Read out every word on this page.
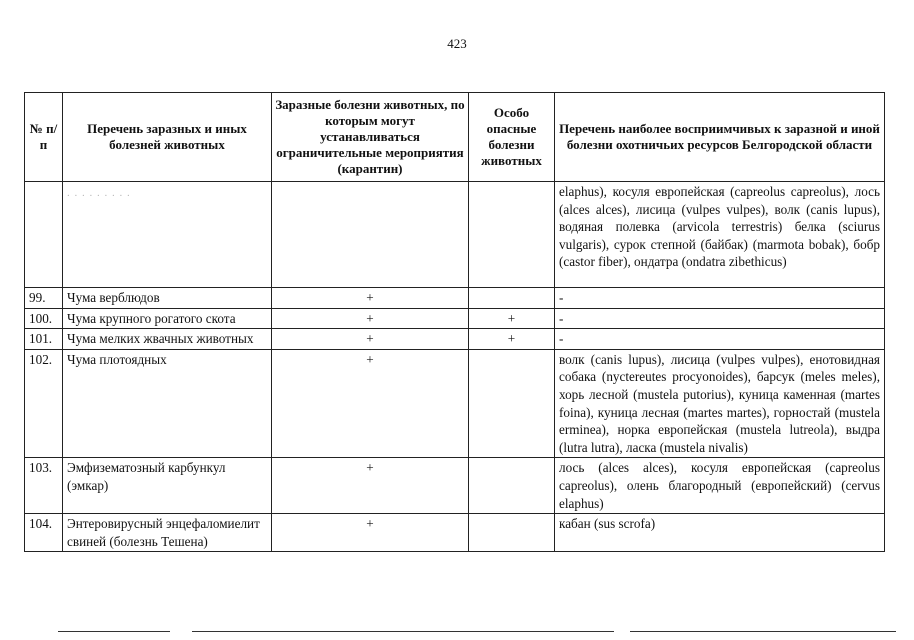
423
№ п/п	Перечень заразных и иных болезней животных	Заразные болезни животных, по которым могут устанавливаться ограничительные мероприятия (карантин)	Особо опасные болезни животных	Перечень наиболее восприимчивых к заразной и иной болезни охотничьих ресурсов Белгородской области
	. . . . . . . . .			elaphus), косуля европейская (capreolus capreolus), лось (alces alces), лисица (vulpes vulpes), волк (canis lupus), водяная полевка (arvicola terrestris) белка (sciurus vulgaris), сурок степной (байбак) (marmota bobak), бобр (castor fiber), ондатра (ondatra zibethicus)
99.	Чума верблюдов	+		-
100.	Чума крупного рогатого скота	+	+	-
101.	Чума мелких жвачных животных	+	+	-
102.	Чума плотоядных	+		волк (canis lupus), лисица (vulpes vulpes), енотовидная собака (nyctereutes procyonoides), барсук (meles meles), хорь лесной (mustela putorius), куница каменная (martes foina), куница лесная (martes martes), горностай (mustela erminea), норка европейская (mustela lutreola), выдра (lutra lutra), ласка (mustela nivalis)
103.	Эмфизематозный карбункул (эмкар)	+		лось (alces alces), косуля европейская (capreolus capreolus), олень благородный (европейский) (cervus elaphus)
104.	Энтеровирусный энцефаломиелит свиней (болезнь Тешена)	+		кабан (sus scrofa)
